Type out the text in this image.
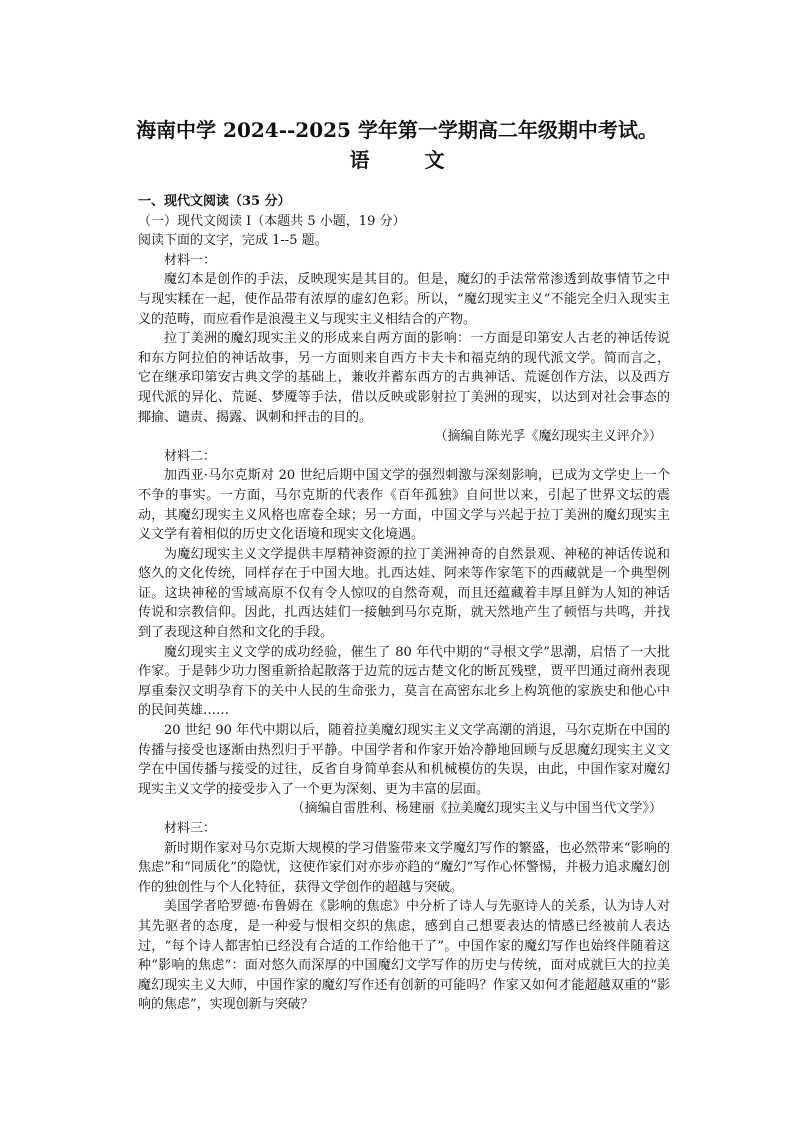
海南中学 2024--2025 学年第一学期高二年级期中考试。
语 文

一、现代文阅读（35 分）

（一）现代文阅读 I（本题共 5 小题，19 分）

阅读下面的文字，完成 1--5 题。

材料一：

魔幻本是创作的手法，反映现实是其目的。但是，魔幻的手法常常渗透到故事情节之中与现实糅在一起，使作品带有浓厚的虚幻色彩。所以，“魔幻现实主义”不能完全归入现实主义的范畴，而应看作是浪漫主义与现实主义相结合的产物。

拉丁美洲的魔幻现实主义的形成来自两方面的影响：一方面是印第安人古老的神话传说和东方阿拉伯的神话故事，另一方面则来自西方卡夫卡和福克纳的现代派文学。简而言之，它在继承印第安古典文学的基础上，兼收并蓄东西方的古典神话、荒诞创作方法，以及西方现代派的异化、荒诞、梦魇等手法，借以反映或影射拉丁美洲的现实，以达到对社会事态的揶揄、谴责、揭露、讽刺和抨击的目的。

（摘编自陈光孚《魔幻现实主义评介》）

材料二：

加西亚·马尔克斯对 20 世纪后期中国文学的强烈刺激与深刻影响，已成为文学史上一个不争的事实。一方面，马尔克斯的代表作《百年孤独》自问世以来，引起了世界文坛的震动，其魔幻现实主义风格也席卷全球；另一方面，中国文学与兴起于拉丁美洲的魔幻现实主义文学有着相似的历史文化语境和现实文化境遇。

为魔幻现实主义文学提供丰厚精神资源的拉丁美洲神奇的自然景观、神秘的神话传说和悠久的文化传统，同样存在于中国大地。扎西达娃、阿来等作家笔下的西藏就是一个典型例证。这块神秘的雪域高原不仅有令人惊叹的自然奇观，而且还蕴藏着丰厚且鲜为人知的神话传说和宗教信仰。因此，扎西达娃们一接触到马尔克斯，就天然地产生了顿悟与共鸣，并找到了表现这种自然和文化的手段。

魔幻现实主义文学的成功经验，催生了 80 年代中期的“寻根文学”思潮，启悟了一大批作家。于是韩少功力图重新拾起散落于边荒的远古楚文化的断瓦残壁，贾平凹通过商州表现厚重秦汉文明孕育下的关中人民的生命张力，莫言在高密东北乡上构筑他的家族史和他心中的民间英雄……

20 世纪 90 年代中期以后，随着拉美魔幻现实主义文学高潮的消退，马尔克斯在中国的传播与接受也逐渐由热烈归于平静。中国学者和作家开始冷静地回顾与反思魔幻现实主义文学在中国传播与接受的过往，反省自身简单套从和机械模仿的失误，由此，中国作家对魔幻现实主义文学的接受步入了一个更为深刻、更为丰富的层面。

（摘编自雷胜利、杨建丽《拉美魔幻现实主义与中国当代文学》）

材料三：

新时期作家对马尔克斯大规模的学习借鉴带来文学魔幻写作的繁盛，也必然带来“影响的焦虑”和“同质化”的隐忧，这使作家们对亦步亦趋的“魔幻”写作心怀警惕，并极力追求魔幻创作的独创性与个人化特征，获得文学创作的超越与突破。

美国学者哈罗德·布鲁姆在《影响的焦虑》中分析了诗人与先驱诗人的关系，认为诗人对其先驱者的态度，是一种爱与恨相交织的焦虑，感到自己想要表达的情感已经被前人表达过，“每个诗人都害怕已经没有合适的工作给他干了”。中国作家的魔幻写作也始终伴随着这种“影响的焦虑”：面对悠久而深厚的中国魔幻文学写作的历史与传统，面对成就巨大的拉美魔幻现实主义大师，中国作家的魔幻写作还有创新的可能吗？作家又如何才能超越双重的“影响的焦虑”，实现创新与突破？
